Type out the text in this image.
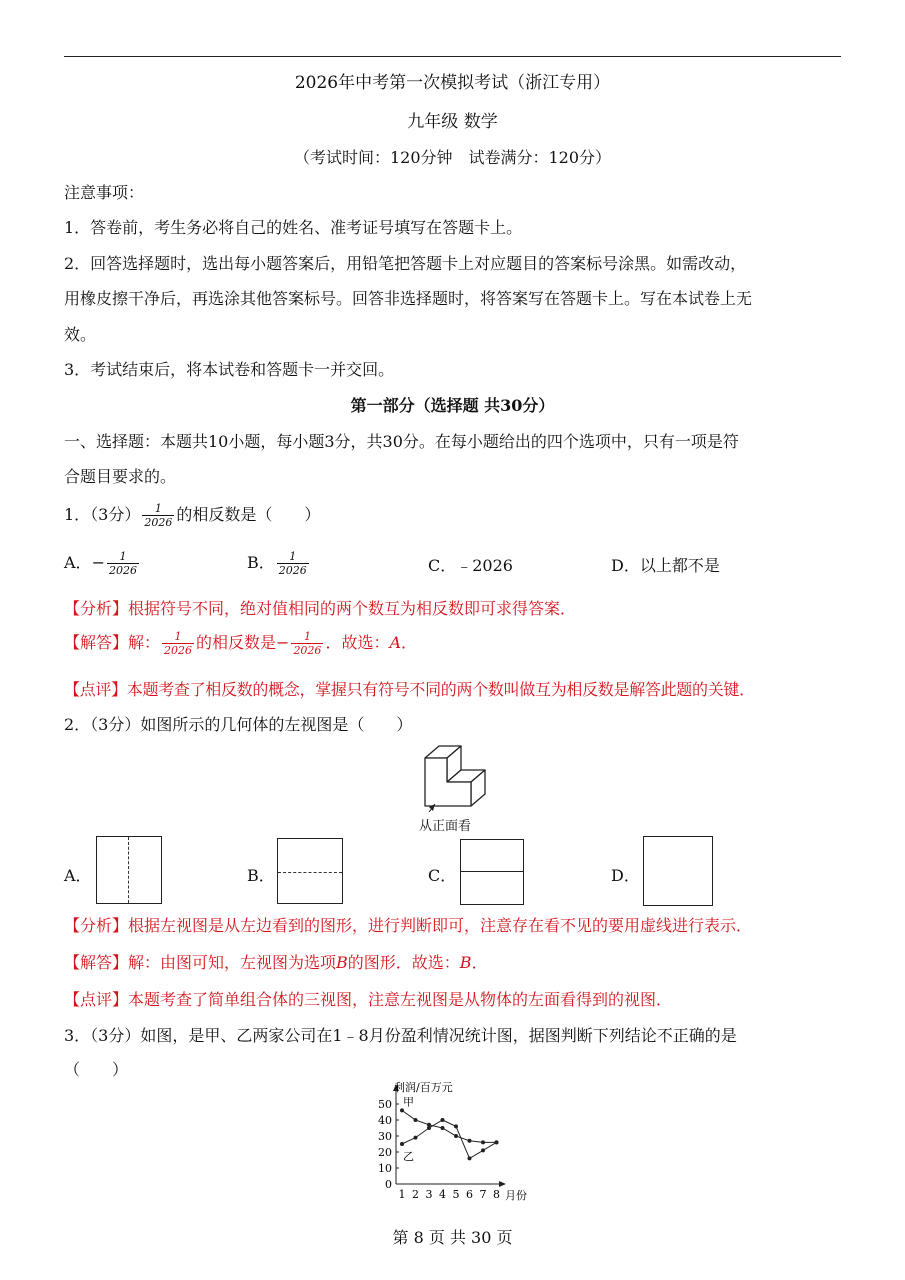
2026年中考第一次模拟考试（浙江专用）
九年级 数学
（考试时间：120分钟　试卷满分：120分）
注意事项：
1．答卷前，考生务必将自己的姓名、准考证号填写在答题卡上。
2．回答选择题时，选出每小题答案后，用铅笔把答题卡上对应题目的答案标号涂黑。如需改动，
用橡皮擦干净后，再选涂其他答案标号。回答非选择题时，将答案写在答题卡上。写在本试卷上无
效。
3．考试结束后，将本试卷和答题卡一并交回。
第一部分（选择题 共30分）
一、选择题：本题共10小题，每小题3分，共30分。在每小题给出的四个选项中，只有一项是符
合题目要求的。
1．（3分） $\frac{1}{2026}$ 的相反数是（　　）
A．− $\frac{1}{2026}$	B． $\frac{1}{2026}$	C．﹣2026	D．以上都不是
【分析】根据符号不同，绝对值相同的两个数互为相反数即可求得答案．
【解答】解： $\frac{1}{2026}$ 的相反数是− $\frac{1}{2026}$ ．故选：A．
【点评】本题考查了相反数的概念，掌握只有符号不同的两个数叫做互为相反数是解答此题的关键．
2．（3分）如图所示的几何体的左视图是（　　）
从正面看
A．	B．	C．	D．
【分析】根据左视图是从左边看到的图形，进行判断即可，注意存在看不见的要用虚线进行表示．
【解答】解：由图可知，左视图为选项B的图形．故选：B．
【点评】本题考查了简单组合体的三视图，注意左视图是从物体的左面看得到的视图．
3．（3分）如图，是甲、乙两家公司在1﹣8月份盈利情况统计图，据图判断下列结论不正确的是
（　　）
利润/百万元
月份
0
10
20
30
40
50
1 2 3 4 5 6 7 8
甲
乙
第 8 页 共 30 页
